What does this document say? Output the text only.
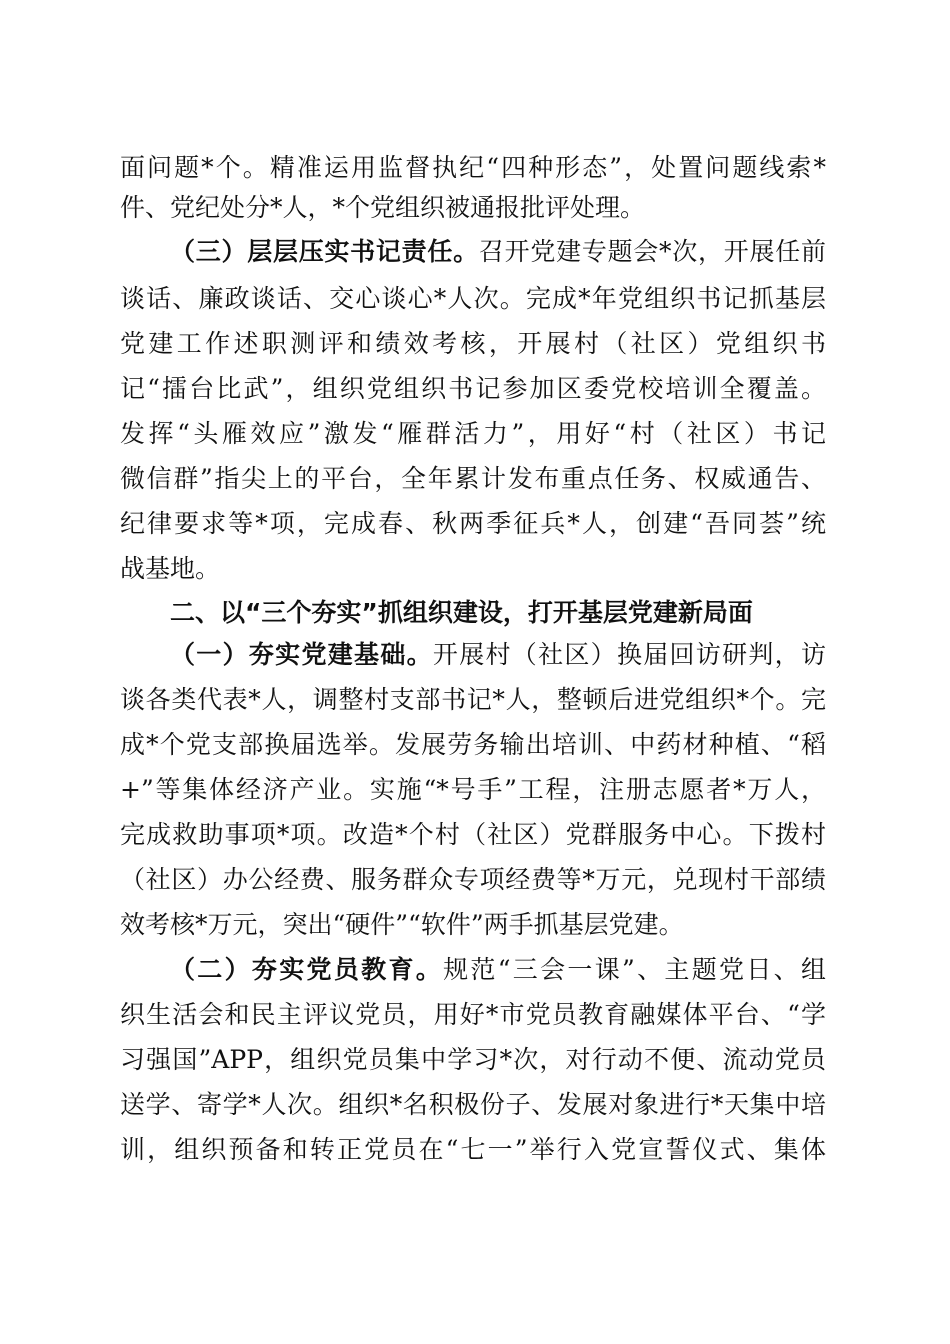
面问题*个。精准运用监督执纪“四种形态”，处置问题线索*
件、党纪处分*人，*个党组织被通报批评处理。
（三）层层压实书记责任。召开党建专题会*次，开展任前
谈话、廉政谈话、交心谈心*人次。完成*年党组织书记抓基层
党建工作述职测评和绩效考核，开展村（社区）党组织书
记“擂台比武”，组织党组织书记参加区委党校培训全覆盖。
发挥“头雁效应”激发“雁群活力”，用好“村（社区）书记
微信群”指尖上的平台，全年累计发布重点任务、权威通告、
纪律要求等*项，完成春、秋两季征兵*人，创建“吾同荟”统
战基地。
二、以“三个夯实”抓组织建设，打开基层党建新局面
（一）夯实党建基础。开展村（社区）换届回访研判，访
谈各类代表*人，调整村支部书记*人，整顿后进党组织*个。完
成*个党支部换届选举。发展劳务输出培训、中药材种植、“稻
+”等集体经济产业。实施“*号手”工程，注册志愿者*万人，
完成救助事项*项。改造*个村（社区）党群服务中心。下拨村
（社区）办公经费、服务群众专项经费等*万元，兑现村干部绩
效考核*万元，突出“硬件”“软件”两手抓基层党建。
（二）夯实党员教育。规范“三会一课”、主题党日、组
织生活会和民主评议党员，用好*市党员教育融媒体平台、“学
习强国”APP，组织党员集中学习*次，对行动不便、流动党员
送学、寄学*人次。组织*名积极份子、发展对象进行*天集中培
训，组织预备和转正党员在“七一”举行入党宣誓仪式、集体
